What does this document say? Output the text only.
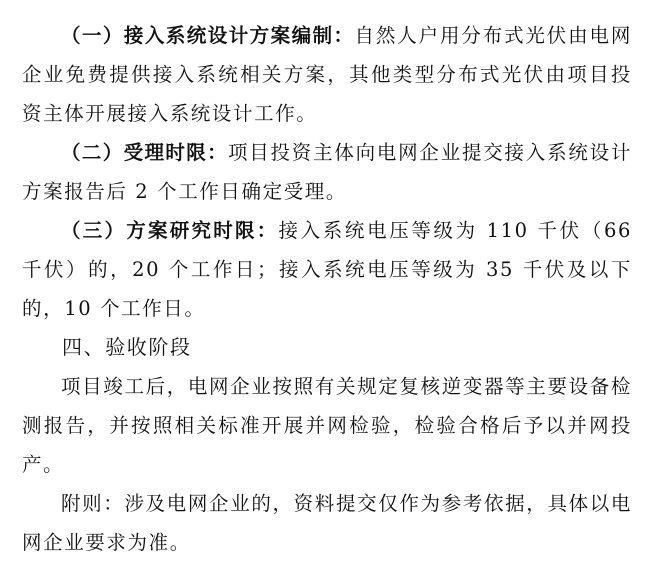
（一）接入系统设计方案编制：自然人户用分布式光伏由电网企业免费提供接入系统相关方案，其他类型分布式光伏由项目投资主体开展接入系统设计工作。

（二）受理时限：项目投资主体向电网企业提交接入系统设计方案报告后 2 个工作日确定受理。

（三）方案研究时限：接入系统电压等级为 110 千伏（66 千伏）的，20 个工作日；接入系统电压等级为 35 千伏及以下的，10 个工作日。

四、验收阶段

项目竣工后，电网企业按照有关规定复核逆变器等主要设备检测报告，并按照相关标准开展并网检验，检验合格后予以并网投产。

附则：涉及电网企业的，资料提交仅作为参考依据，具体以电网企业要求为准。
